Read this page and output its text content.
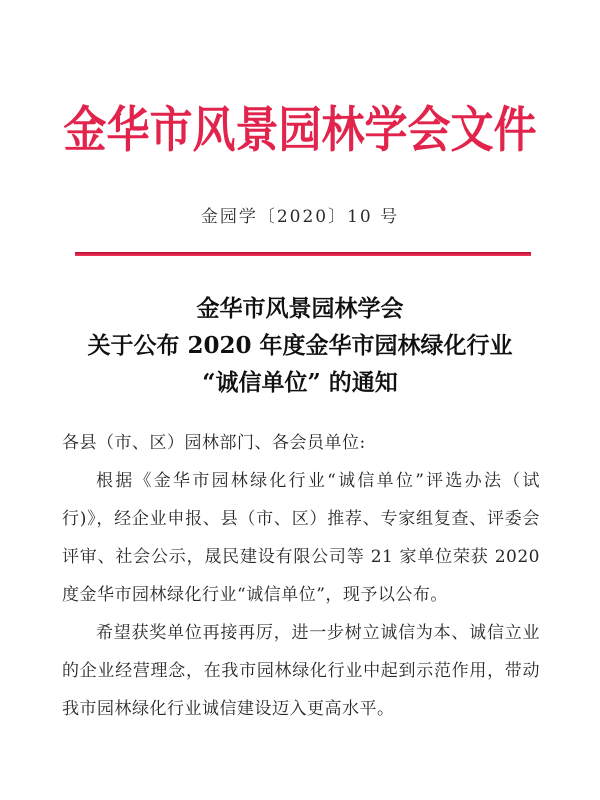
金华市风景园林学会文件
金园学〔2020〕10 号
金华市风景园林学会
关于公布 2020 年度金华市园林绿化行业
“诚信单位” 的通知
各县（市、区）园林部门、各会员单位:
根据《金华市园林绿化行业“诚信单位”评选办法（试
行)》，经企业申报、县（市、区）推荐、专家组复查、评委会
评审、社会公示，晟民建设有限公司等 21 家单位荣获 2020
度金华市园林绿化行业“诚信单位”，现予以公布。
希望获奖单位再接再厉，进一步树立诚信为本、诚信立业
的企业经营理念，在我市园林绿化行业中起到示范作用，带动
我市园林绿化行业诚信建设迈入更高水平。
